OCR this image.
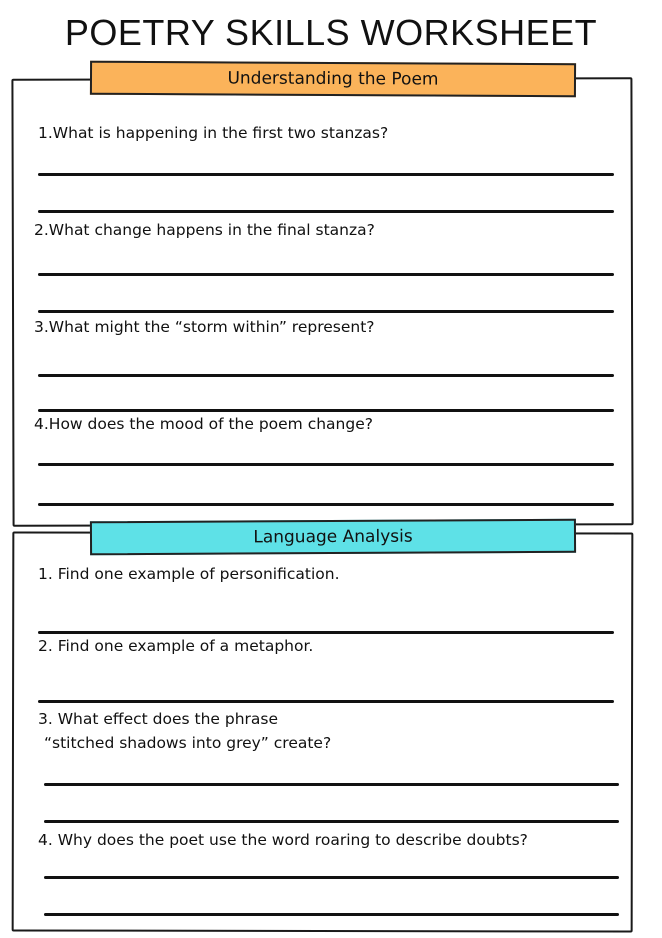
POETRY SKILLS WORKSHEET
Understanding the Poem
1.What is happening in the first two stanzas?
2.What change happens in the final stanza?
3.What might the “storm within” represent?
4.How does the mood of the poem change?
Language Analysis
1. Find one example of personification.
2. Find one example of a metaphor.
3. What effect does the phrase
“stitched shadows into grey” create?
4. Why does the poet use the word roaring to describe doubts?
